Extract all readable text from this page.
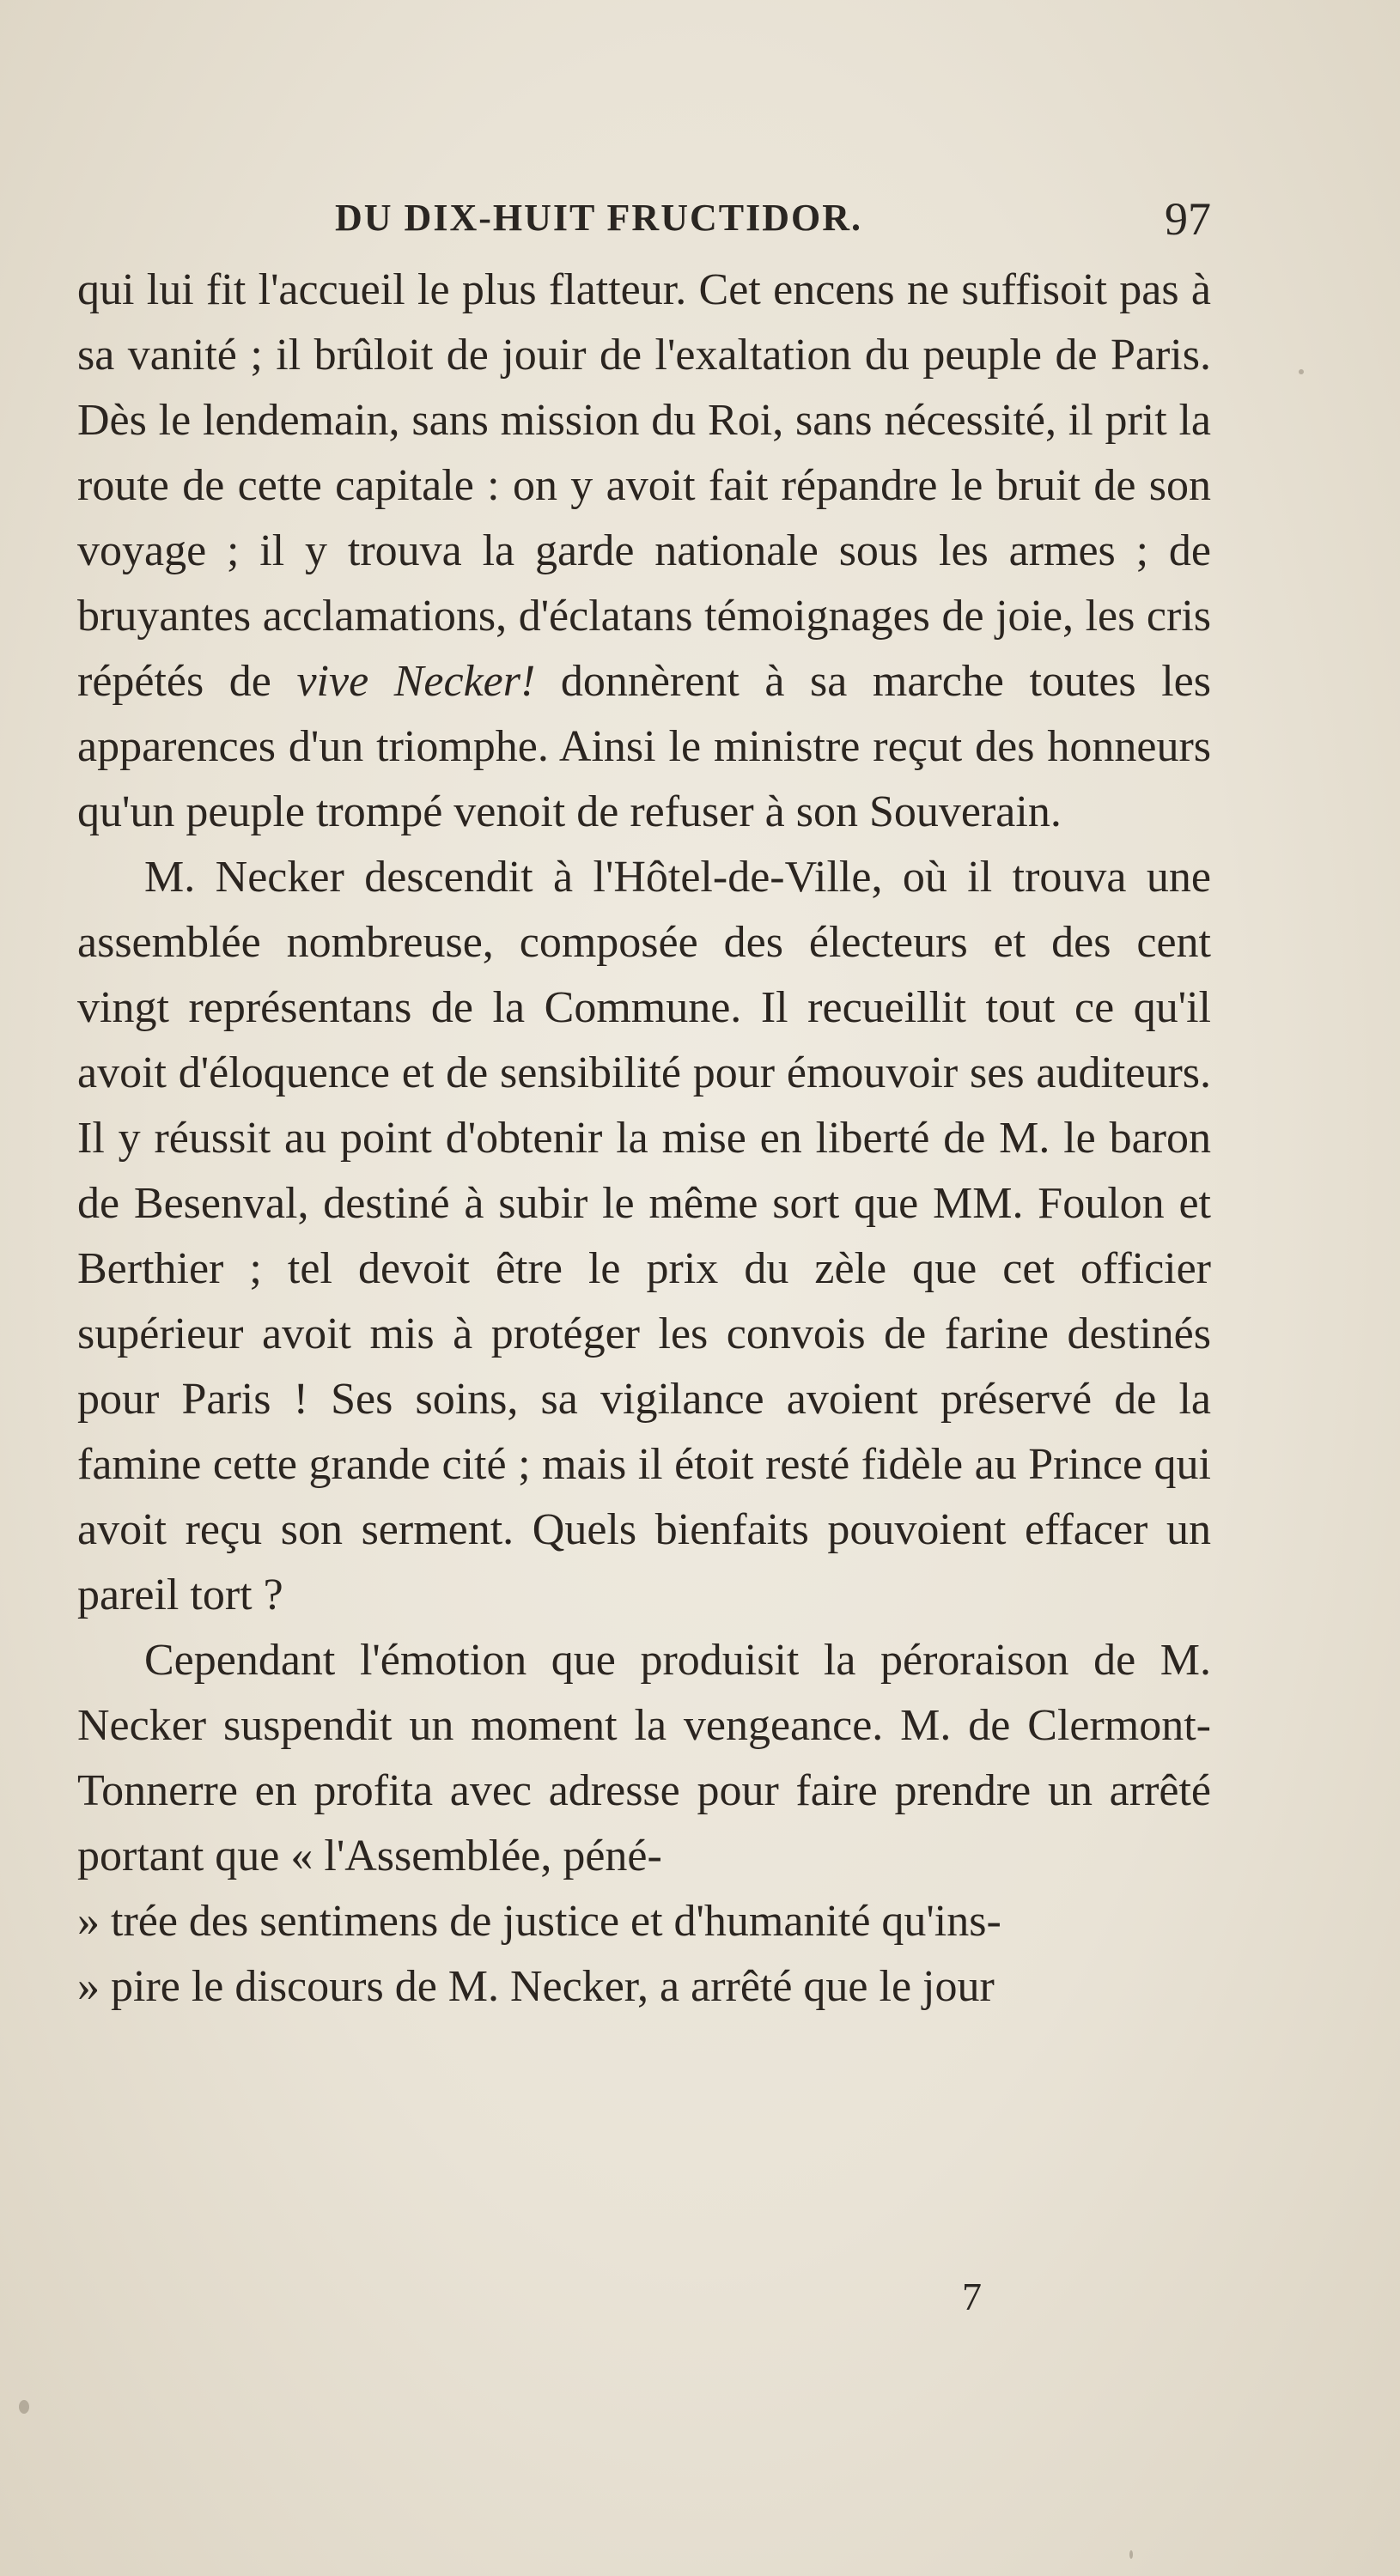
DU DIX-HUIT FRUCTIDOR.	97

qui lui fit l'accueil le plus flatteur. Cet encens ne suffisoit pas à sa vanité ; il brûloit de jouir de l'exaltation du peuple de Paris. Dès le lendemain, sans mission du Roi, sans nécessité, il prit la route de cette capitale : on y avoit fait répandre le bruit de son voyage ; il y trouva la garde nationale sous les armes ; de bruyantes acclamations, d'éclatans témoignages de joie, les cris répétés de vive Necker! donnèrent à sa marche toutes les apparences d'un triomphe. Ainsi le ministre reçut des honneurs qu'un peuple trompé venoit de refuser à son Souverain.

M. Necker descendit à l'Hôtel-de-Ville, où il trouva une assemblée nombreuse, composée des électeurs et des cent vingt représentans de la Commune. Il recueillit tout ce qu'il avoit d'éloquence et de sensibilité pour émouvoir ses auditeurs. Il y réussit au point d'obtenir la mise en liberté de M. le baron de Besenval, destiné à subir le même sort que MM. Foulon et Berthier ; tel devoit être le prix du zèle que cet officier supérieur avoit mis à protéger les convois de farine destinés pour Paris ! Ses soins, sa vigilance avoient préservé de la famine cette grande cité ; mais il étoit resté fidèle au Prince qui avoit reçu son serment. Quels bienfaits pouvoient effacer un pareil tort ?

Cependant l'émotion que produisit la péroraison de M. Necker suspendit un moment la vengeance. M. de Clermont-Tonnerre en profita avec adresse pour faire prendre un arrêté portant que « l'Assemblée, péné-

» trée des sentimens de justice et d'humanité qu'ins-

» pire le discours de M. Necker, a arrêté que le jour

7
